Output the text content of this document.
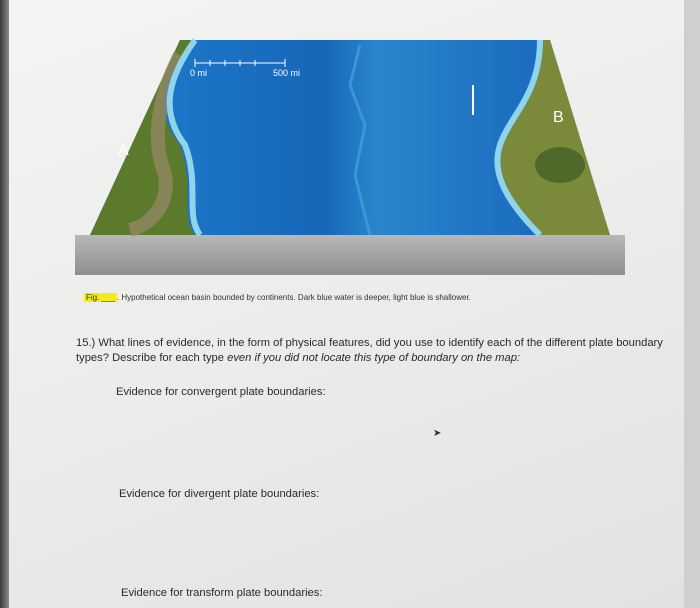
0 mi	500 mi
A
B
Fig. ___ . Hypothetical ocean basin bounded by continents. Dark blue water is deeper, light blue is shallower.
15.) What lines of evidence, in the form of physical features, did you use to identify each of the different plate boundary types? Describe for each type even if you did not locate this type of boundary on the map:
Evidence for convergent plate boundaries:
➤
Evidence for divergent plate boundaries:
Evidence for transform plate boundaries:
